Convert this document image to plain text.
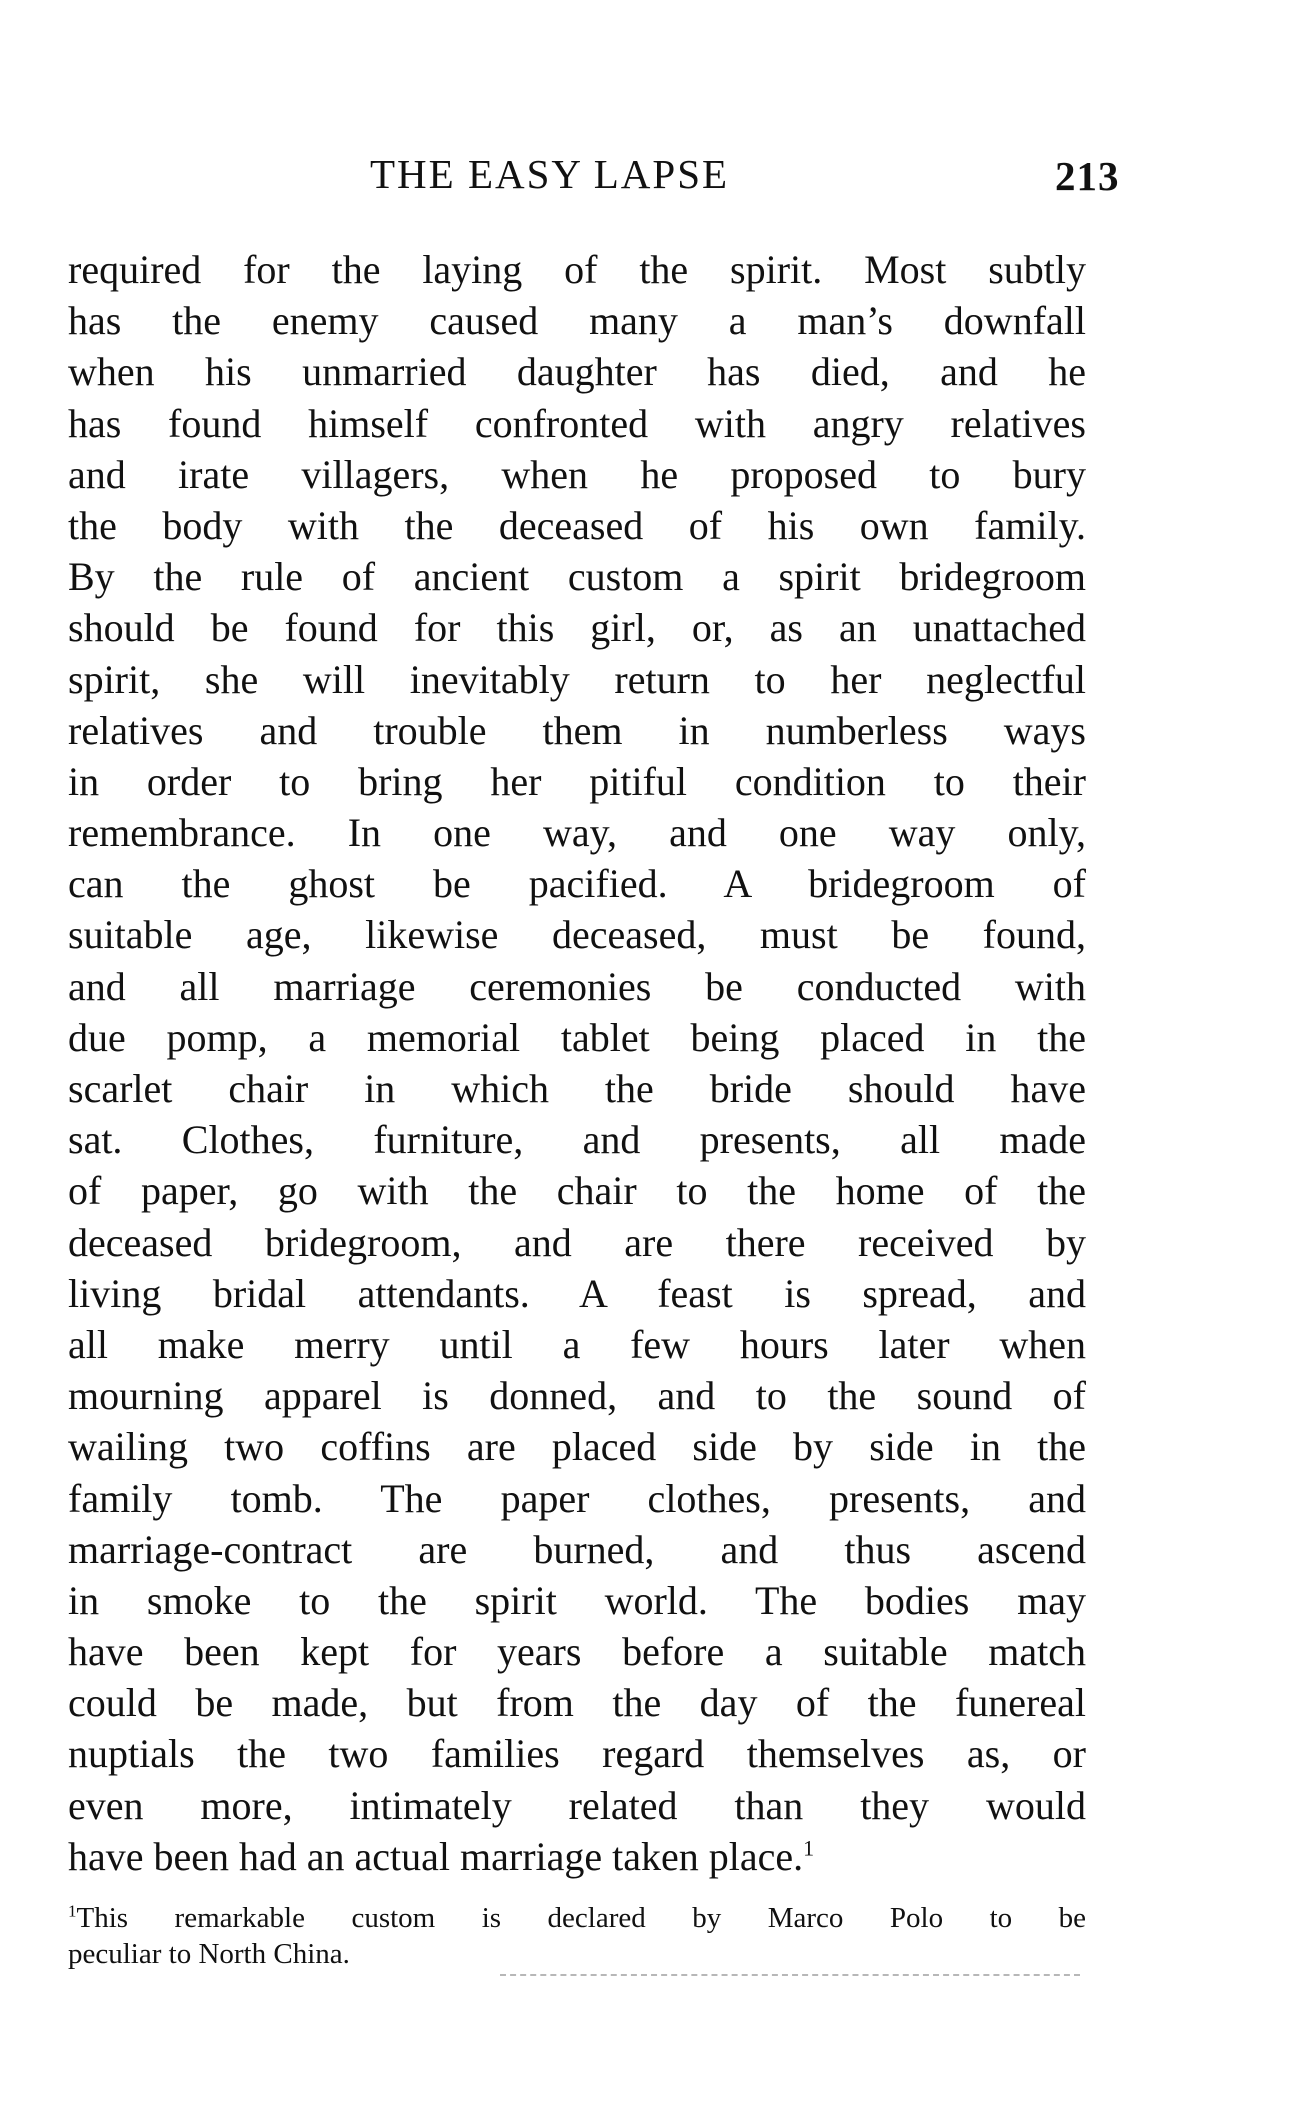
THE EASY LAPSE	213
required for the laying of the spirit. Most subtly
has the enemy caused many a man’s downfall
when his unmarried daughter has died, and he
has found himself confronted with angry relatives
and irate villagers, when he proposed to bury
the body with the deceased of his own family.
By the rule of ancient custom a spirit bridegroom
should be found for this girl, or, as an unattached
spirit, she will inevitably return to her neglectful
relatives and trouble them in numberless ways
in order to bring her pitiful condition to their
remembrance. In one way, and one way only,
can the ghost be pacified. A bridegroom of
suitable age, likewise deceased, must be found,
and all marriage ceremonies be conducted with
due pomp, a memorial tablet being placed in the
scarlet chair in which the bride should have
sat. Clothes, furniture, and presents, all made
of paper, go with the chair to the home of the
deceased bridegroom, and are there received by
living bridal attendants. A feast is spread, and
all make merry until a few hours later when
mourning apparel is donned, and to the sound of
wailing two coffins are placed side by side in the
family tomb. The paper clothes, presents, and
marriage-contract are burned, and thus ascend
in smoke to the spirit world. The bodies may
have been kept for years before a suitable match
could be made, but from the day of the funereal
nuptials the two families regard themselves as, or
even more, intimately related than they would
have been had an actual marriage taken place.$^1$
$^1$This remarkable custom is declared by Marco Polo to be
peculiar to North China.
